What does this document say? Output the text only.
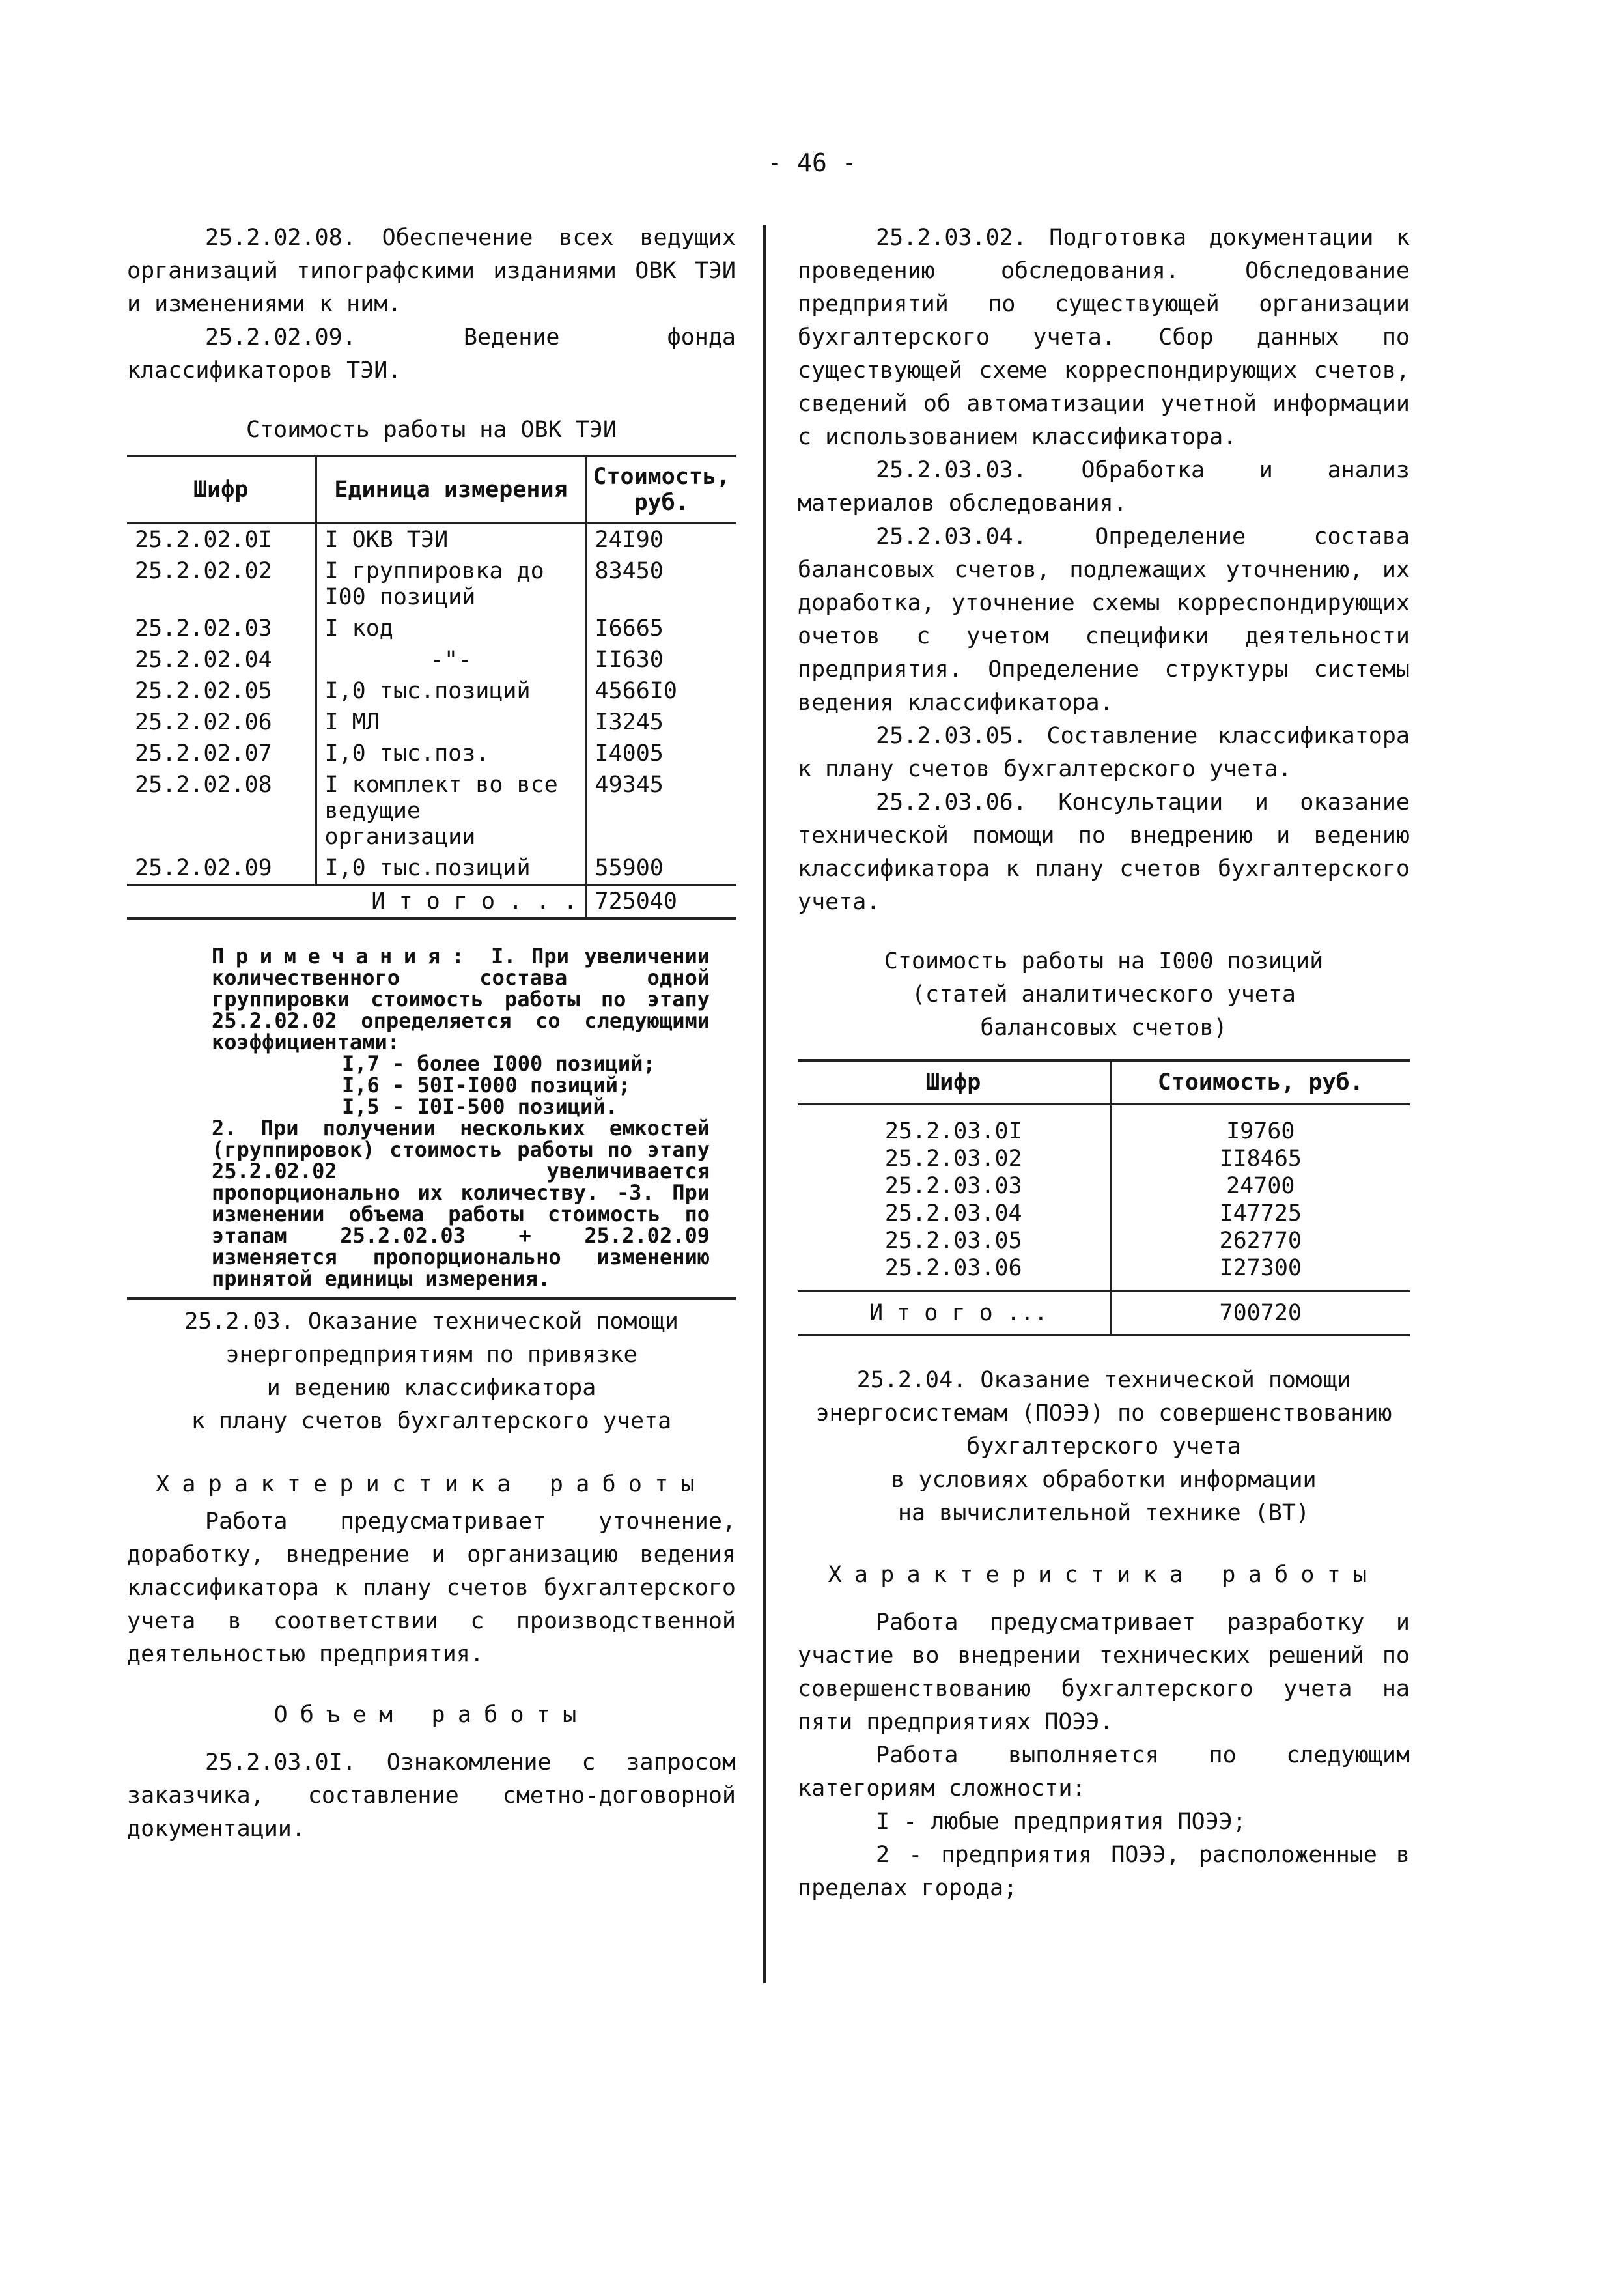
- 46 -

25.2.02.08. Обеспечение всех ведущих организаций типографскими изданиями ОВК ТЭИ и изменениями к ним.

25.2.02.09. Ведение фонда классификаторов ТЭИ.

Стоимость работы на ОВК ТЭИ

Шифр	Единица измерения	Стоимость, руб.
25.2.02.0I	I ОКВ ТЭИ	24I90
25.2.02.02	I группировка до I00 позиций	83450
25.2.02.03	I код	I6665
25.2.02.04	-"-	II630
25.2.02.05	I,0 тыс.позиций	4566I0
25.2.02.06	I МЛ	I3245
25.2.02.07	I,0 тыс.поз.	I4005
25.2.02.08	I комплект во все ведущие организации	49345
25.2.02.09	I,0 тыс.позиций	55900
И т о г о . . .		725040
Примечания: I. При увеличении количественного состава одной группировки стоимость работы по этапу 25.2.02.02 определяется со следующими коэффициентами:
I,7 - более I000 позиций;
I,6 - 50I-I000 позиций;
I,5 - I0I-500 позиций.
2. При получении нескольких емкостей (группировок) стоимость работы по этапу 25.2.02.02 увеличивается пропорционально их количеству. -3. При изменении объема работы стоимость по этапам 25.2.02.03 + 25.2.02.09 изменяется пропорционально изменению принятой единицы измерения.
25.2.03. Оказание технической помощи
энергопредприятиям по привязке
и ведению классификатора
к плану счетов бухгалтерского учета

Характеристика работы

Работа предусматривает уточнение, доработку, внедрение и организацию ведения классификатора к плану счетов бухгалтерского учета в соответствии с производственной деятельностью предприятия.

Объем работы

25.2.03.0I. Ознакомление с запросом заказчика, составление сметно-договорной документации.

25.2.03.02. Подготовка документации к проведению обследования. Обследование предприятий по существующей организации бухгалтерского учета. Сбор данных по существующей схеме корреспондирующих счетов, сведений об автоматизации учетной информации с использованием классификатора.

25.2.03.03. Обработка и анализ материалов обследования.

25.2.03.04. Определение состава балансовых счетов, подлежащих уточнению, их доработка, уточнение схемы корреспондирующих очетов с учетом специфики деятельности предприятия. Определение структуры системы ведения классификатора.

25.2.03.05. Составление классификатора к плану счетов бухгалтерского учета.

25.2.03.06. Консультации и оказание технической помощи по внедрению и ведению классификатора к плану счетов бухгалтерского учета.

Стоимость работы на I000 позиций
(статей аналитического учета
балансовых счетов)
Шифр	Стоимость, руб.
25.2.03.0I	I9760
25.2.03.02	II8465
25.2.03.03	24700
25.2.03.04	I47725
25.2.03.05	262770
25.2.03.06	I27300
И т о г о ...	700720
25.2.04. Оказание технической помощи
энергосистемам (ПОЭЭ) по совершенствованию
бухгалтерского учета
в условиях обработки информации
на вычислительной технике (ВТ)

Характеристика работы

Работа предусматривает разработку и участие во внедрении технических решений по совершенствованию бухгалтерского учета на пяти предприятиях ПОЭЭ.

Работа выполняется по следующим категориям сложности:

I - любые предприятия ПОЭЭ;

2 - предприятия ПОЭЭ, расположенные в пределах города;
